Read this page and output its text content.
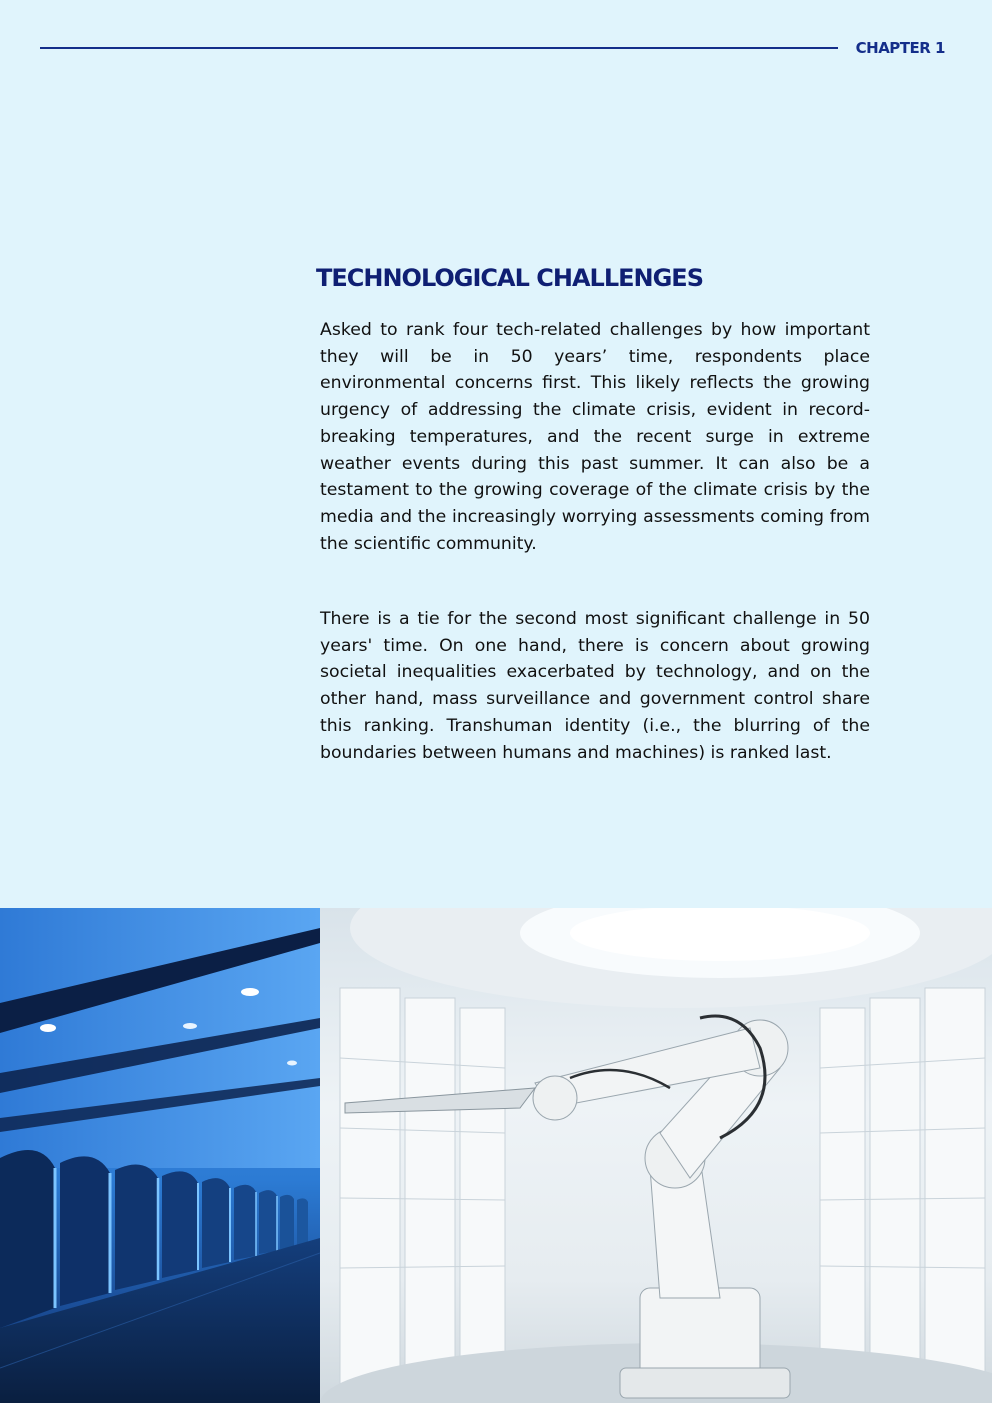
CHAPTER 1
TECHNOLOGICAL CHALLENGES

Asked to rank four tech-related challenges by how important they will be in 50 years’ time, respondents place environmental concerns first. This likely reflects the growing urgency of addressing the climate crisis, evident in record-breaking temperatures, and the recent surge in extreme weather events during this past summer. It can also be a testament to the growing coverage of the climate crisis by the media and the increasingly worrying assessments coming from the scientific community.

There is a tie for the second most significant challenge in 50 years' time. On one hand, there is concern about growing societal inequalities exacerbated by technology, and on the other hand, mass surveillance and government control share this ranking. Transhuman identity (i.e., the blurring of the boundaries between humans and machines) is ranked last.
